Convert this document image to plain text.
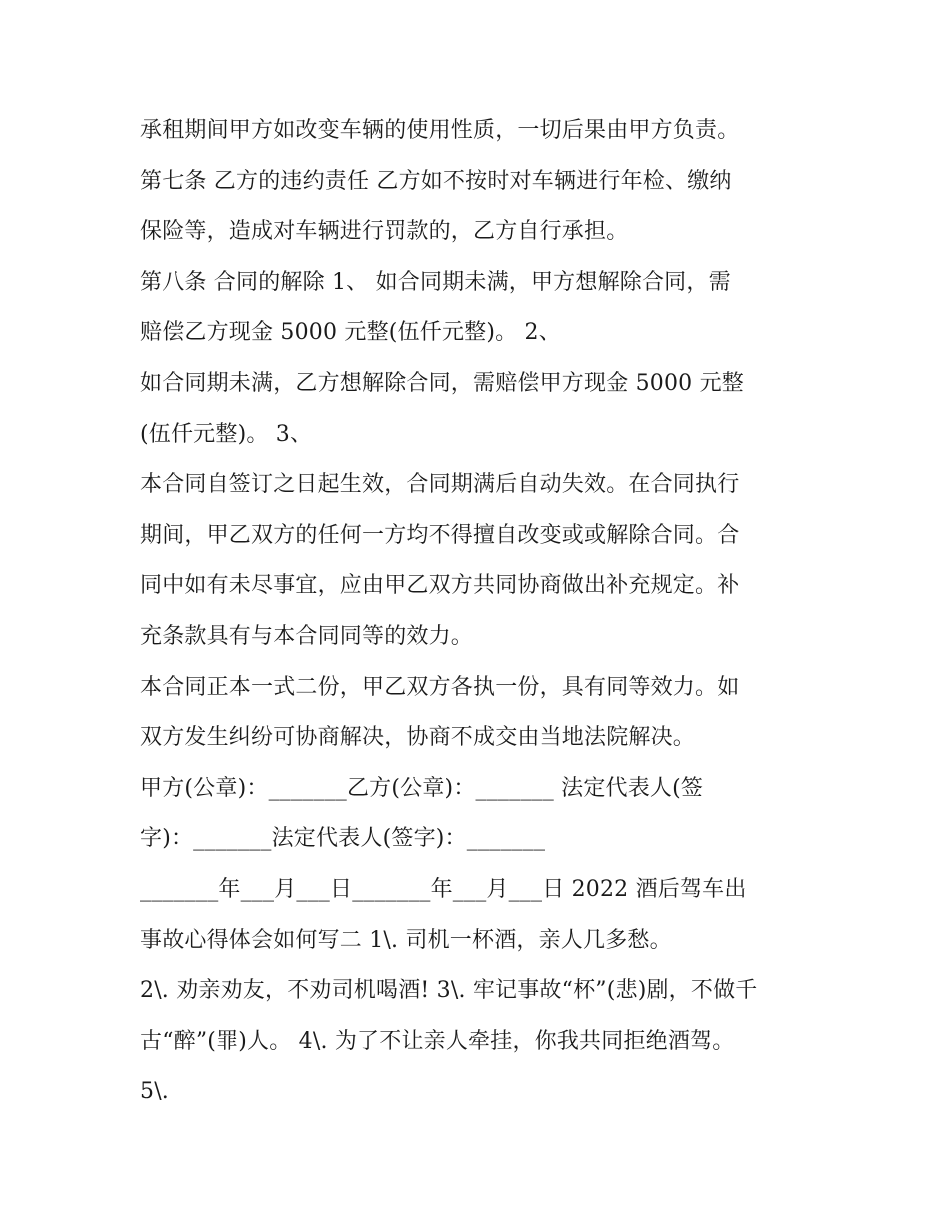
承租期间甲方如改变车辆的使用性质，一切后果由甲方负责。
第七条 乙方的违约责任 乙方如不按时对车辆进行年检、缴纳
保险等，造成对车辆进行罚款的，乙方自行承担。
第八条 合同的解除 1、 如合同期未满，甲方想解除合同，需
赔偿乙方现金 5000 元整(伍仟元整)。 2、
如合同期未满，乙方想解除合同，需赔偿甲方现金 5000 元整
(伍仟元整)。 3、
本合同自签订之日起生效，合同期满后自动失效。在合同执行
期间，甲乙双方的任何一方均不得擅自改变或或解除合同。合
同中如有未尽事宜，应由甲乙双方共同协商做出补充规定。补
充条款具有与本合同同等的效力。
本合同正本一式二份，甲乙双方各执一份，具有同等效力。如
双方发生纠纷可协商解决，协商不成交由当地法院解决。
甲方(公章)：_______乙方(公章)：_______ 法定代表人(签
字)：_______法定代表人(签字)：_______
_______年___月___日_______年___月___日 2022 酒后驾车出
事故心得体会如何写二 1\. 司机一杯酒，亲人几多愁。
2\. 劝亲劝友，不劝司机喝酒! 3\. 牢记事故“杯”(悲)剧，不做千
古“醉”(罪)人。 4\. 为了不让亲人牵挂，你我共同拒绝酒驾。
5\.
